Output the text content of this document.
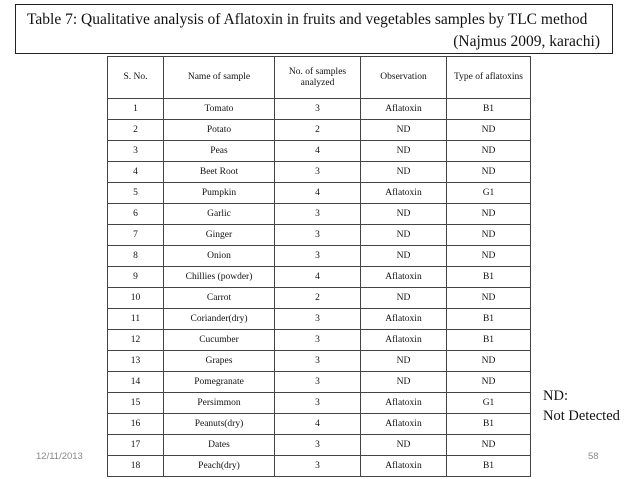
Table 7: Qualitative analysis of Aflatoxin in fruits and vegetables samples by TLC method
(Najmus 2009, karachi)
S. No.	Name of sample	No. of samples analyzed	Observation	Type of aflatoxins
1	Tomato	3	Aflatoxin	B1
2	Potato	2	ND	ND
3	Peas	4	ND	ND
4	Beet Root	3	ND	ND
5	Pumpkin	4	Aflatoxin	G1
6	Garlic	3	ND	ND
7	Ginger	3	ND	ND
8	Onion	3	ND	ND
9	Chillies (powder)	4	Aflatoxin	B1
10	Carrot	2	ND	ND
11	Coriander(dry)	3	Aflatoxin	B1
12	Cucumber	3	Aflatoxin	B1
13	Grapes	3	ND	ND
14	Pomegranate	3	ND	ND
15	Persimmon	3	Aflatoxin	G1
16	Peanuts(dry)	4	Aflatoxin	B1
17	Dates	3	ND	ND
18	Peach(dry)	3	Aflatoxin	B1
ND:
Not Detected
12/11/2013	58
